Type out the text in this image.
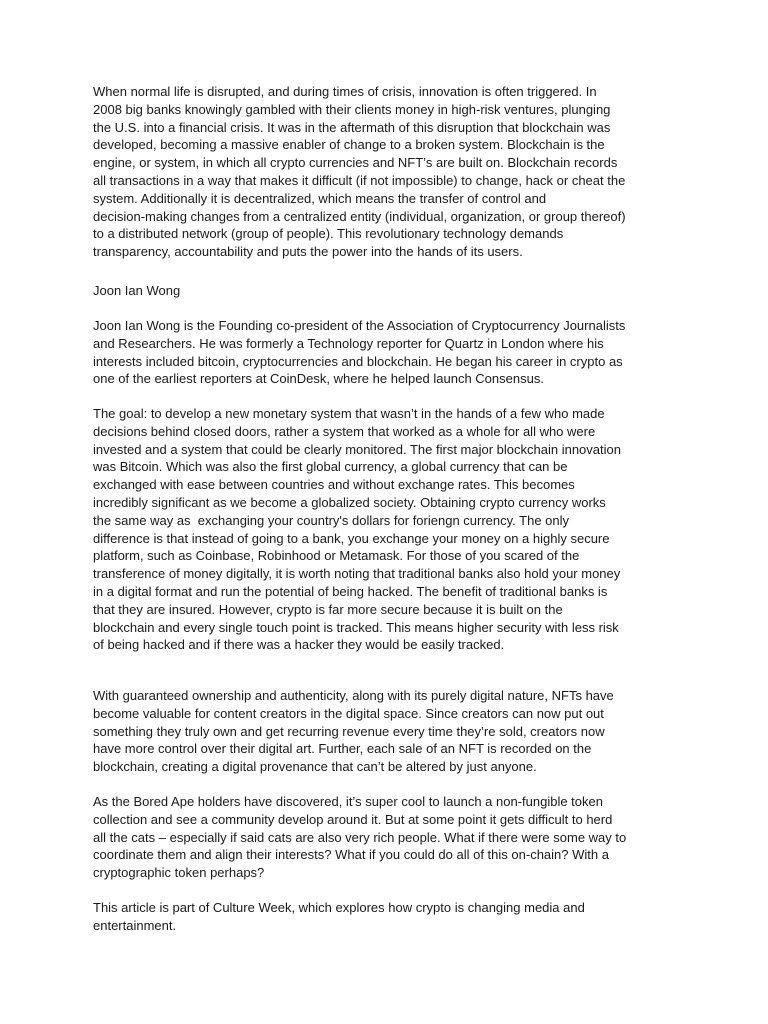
When normal life is disrupted, and during times of crisis, innovation is often triggered. In
2008 big banks knowingly gambled with their clients money in high-risk ventures, plunging
the U.S. into a financial crisis. It was in the aftermath of this disruption that blockchain was
developed, becoming a massive enabler of change to a broken system. Blockchain is the
engine, or system, in which all crypto currencies and NFT’s are built on. Blockchain records
all transactions in a way that makes it difficult (if not impossible) to change, hack or cheat the
system. Additionally it is decentralized, which means the transfer of control and
decision-making changes from a centralized entity (individual, organization, or group thereof)
to a distributed network (group of people). This revolutionary technology demands
transparency, accountability and puts the power into the hands of its users.

Joon Ian Wong

Joon Ian Wong is the Founding co-president of the Association of Cryptocurrency Journalists
and Researchers. He was formerly a Technology reporter for Quartz in London where his
interests included bitcoin, cryptocurrencies and blockchain. He began his career in crypto as
one of the earliest reporters at CoinDesk, where he helped launch Consensus.

The goal: to develop a new monetary system that wasn’t in the hands of a few who made
decisions behind closed doors, rather a system that worked as a whole for all who were
invested and a system that could be clearly monitored. The first major blockchain innovation
was Bitcoin. Which was also the first global currency, a global currency that can be
exchanged with ease between countries and without exchange rates. This becomes
incredibly significant as we become a globalized society. Obtaining crypto currency works
the same way as  exchanging your country's dollars for foriengn currency. The only
difference is that instead of going to a bank, you exchange your money on a highly secure
platform, such as Coinbase, Robinhood or Metamask. For those of you scared of the
transference of money digitally, it is worth noting that traditional banks also hold your money
in a digital format and run the potential of being hacked. The benefit of traditional banks is
that they are insured. However, crypto is far more secure because it is built on the
blockchain and every single touch point is tracked. This means higher security with less risk
of being hacked and if there was a hacker they would be easily tracked.

With guaranteed ownership and authenticity, along with its purely digital nature, NFTs have
become valuable for content creators in the digital space. Since creators can now put out
something they truly own and get recurring revenue every time they’re sold, creators now
have more control over their digital art. Further, each sale of an NFT is recorded on the
blockchain, creating a digital provenance that can’t be altered by just anyone.

As the Bored Ape holders have discovered, it’s super cool to launch a non-fungible token
collection and see a community develop around it. But at some point it gets difficult to herd
all the cats – especially if said cats are also very rich people. What if there were some way to
coordinate them and align their interests? What if you could do all of this on-chain? With a
cryptographic token perhaps?

This article is part of Culture Week, which explores how crypto is changing media and
entertainment.
